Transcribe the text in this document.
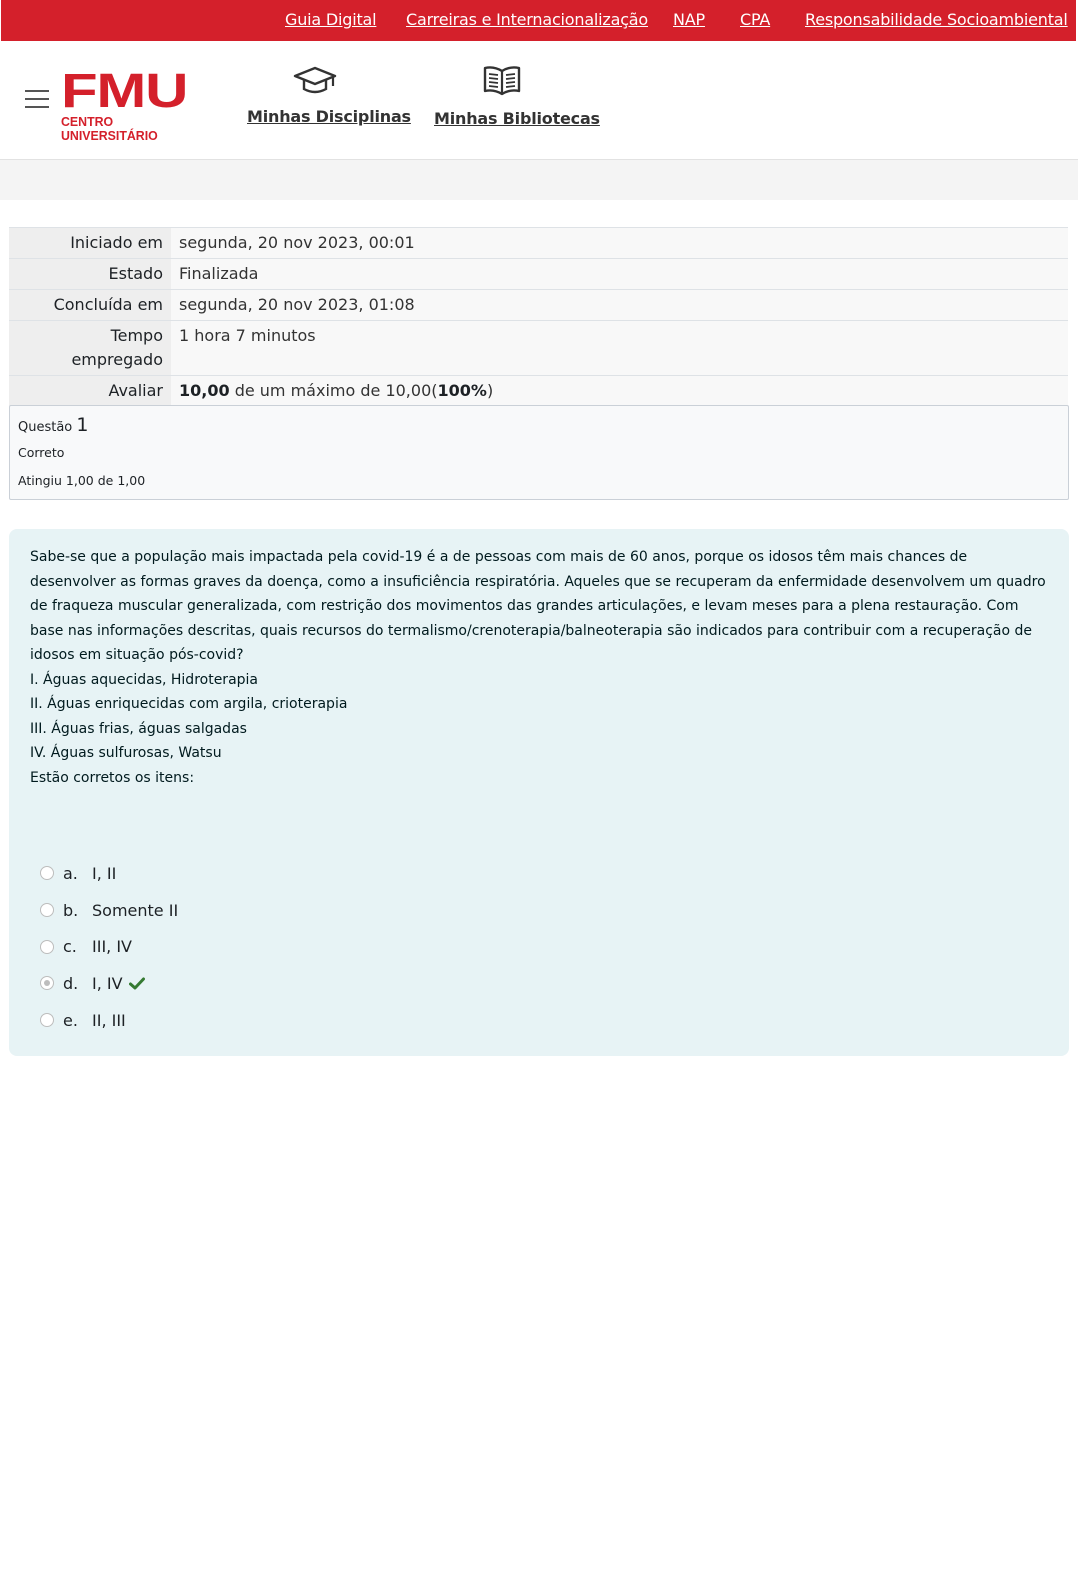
Guia Digital Carreiras e Internacionalização NAP CPA Responsabilidade Socioambiental
FMU
CENTRO UNIVERSITÁRIO
Minhas Disciplinas Minhas Bibliotecas
Iniciado em	segunda, 20 nov 2023, 00:01
Estado	Finalizada
Concluída em	segunda, 20 nov 2023, 01:08
Tempo empregado	1 hora 7 minutos
Avaliar	10,00 de um máximo de 10,00(100%)
Questão 1
Correto
Atingiu 1,00 de 1,00

Sabe-se que a população mais impactada pela covid-19 é a de pessoas com mais de 60 anos, porque os idosos têm mais chances de desenvolver as formas graves da doença, como a insuficiência respiratória. Aqueles que se recuperam da enfermidade desenvolvem um quadro de fraqueza muscular generalizada, com restrição dos movimentos das grandes articulações, e levam meses para a plena restauração. Com base nas informações descritas, quais recursos do termalismo/crenoterapia/balneoterapia são indicados para contribuir com a recuperação de idosos em situação pós-covid?

I. Águas aquecidas, Hidroterapia

II. Águas enriquecidas com argila, crioterapia

III. Águas frias, águas salgadas

IV. Águas sulfurosas, Watsu

Estão corretos os itens:

a. I, II
b. Somente II
c. III, IV
d. I, IV
e. II, III
